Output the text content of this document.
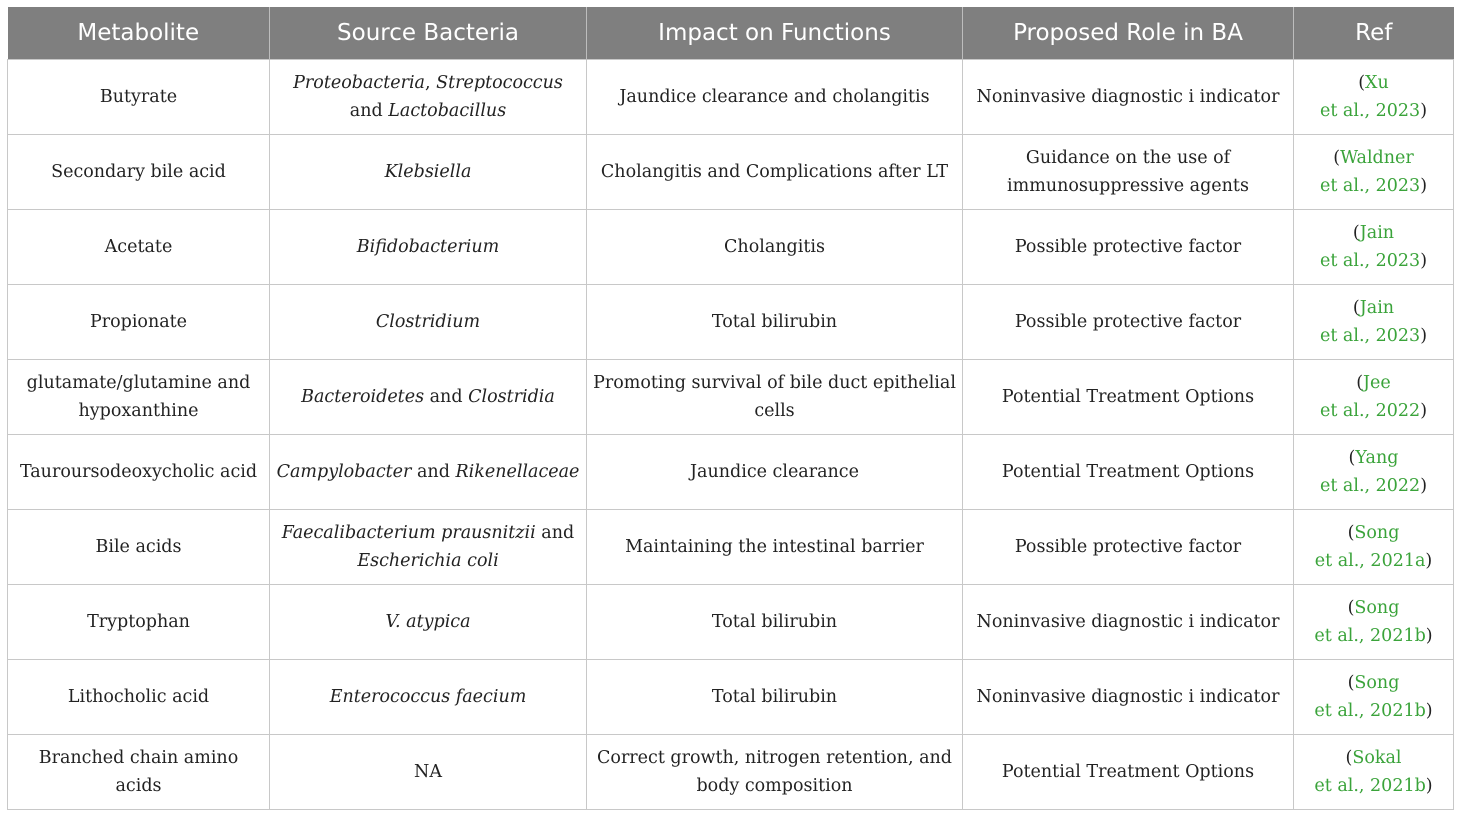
Metabolite	Source Bacteria	Impact on Functions	Proposed Role in BA	Ref
Butyrate	Proteobacteria, Streptococcus and Lactobacillus	Jaundice clearance and cholangitis	Noninvasive diagnostic i indicator	(Xu
et al., 2023)
Secondary bile acid	Klebsiella	Cholangitis and Complications after LT	Guidance on the use of immunosuppressive agents	(Waldner
et al., 2023)
Acetate	Bifidobacterium	Cholangitis	Possible protective factor	(Jain
et al., 2023)
Propionate	Clostridium	Total bilirubin	Possible protective factor	(Jain
et al., 2023)
glutamate/glutamine and hypoxanthine	Bacteroidetes and Clostridia	Promoting survival of bile duct epithelial cells	Potential Treatment Options	(Jee
et al., 2022)
Tauroursodeoxycholic acid	Campylobacter and Rikenellaceae	Jaundice clearance	Potential Treatment Options	(Yang
et al., 2022)
Bile acids	Faecalibacterium prausnitzii and Escherichia coli	Maintaining the intestinal barrier	Possible protective factor	(Song
et al., 2021a)
Tryptophan	V. atypica	Total bilirubin	Noninvasive diagnostic i indicator	(Song
et al., 2021b)
Lithocholic acid	Enterococcus faecium	Total bilirubin	Noninvasive diagnostic i indicator	(Song
et al., 2021b)
Branched chain amino acids	NA	Correct growth, nitrogen retention, and body composition	Potential Treatment Options	(Sokal
et al., 2021b)
